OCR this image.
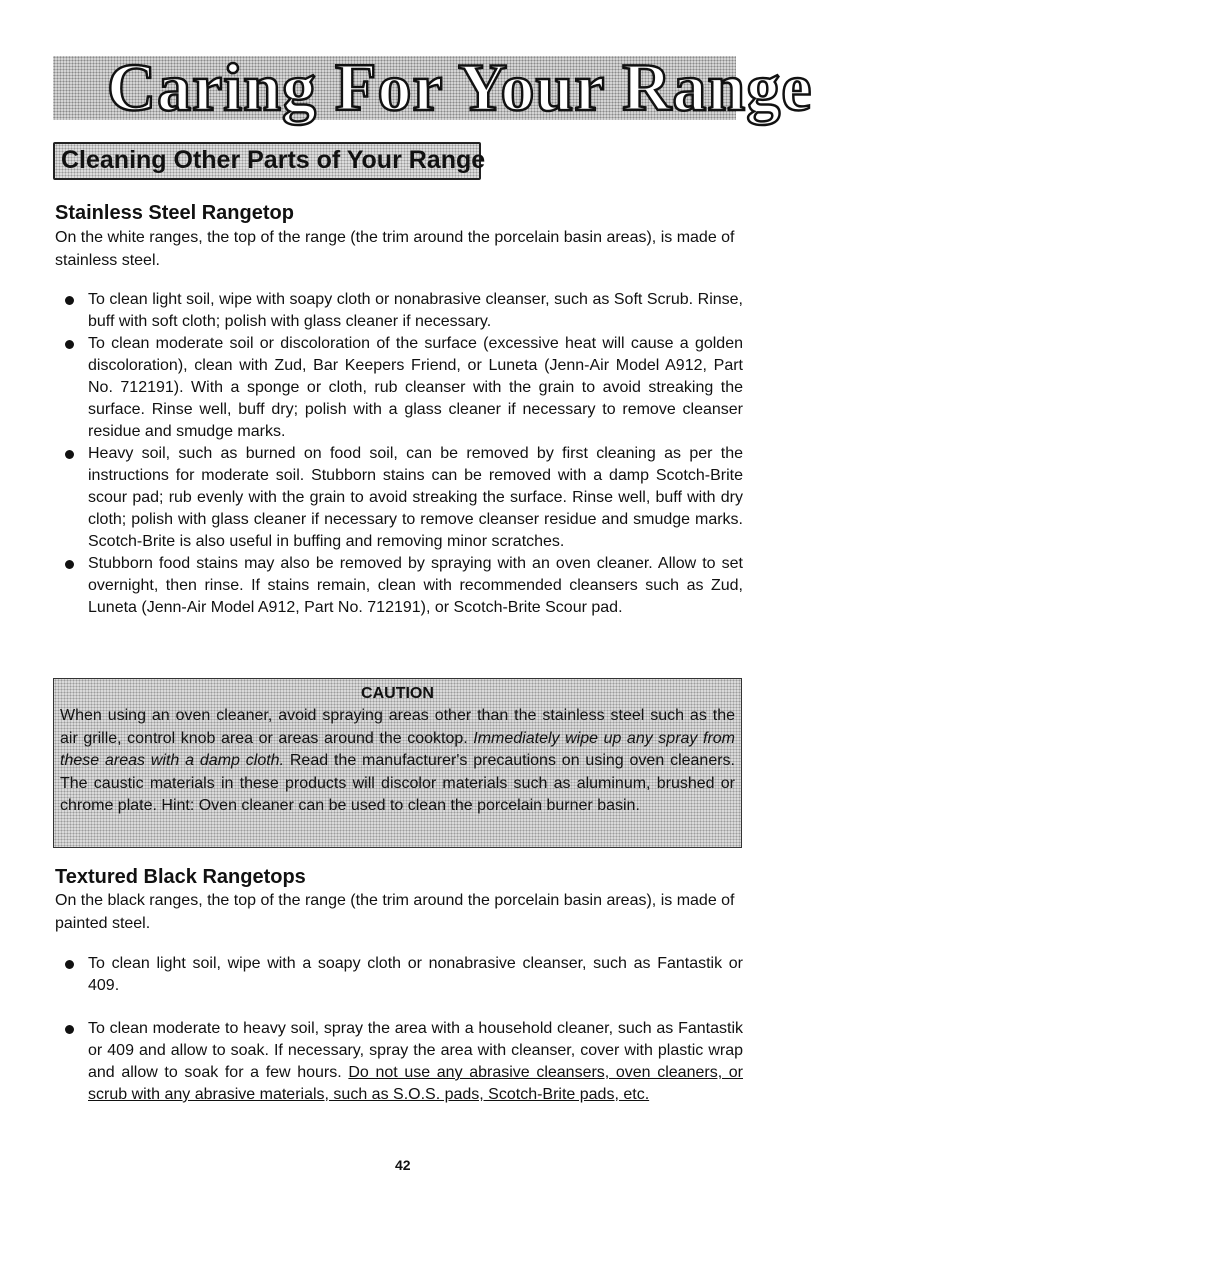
Caring For Your Range
Cleaning Other Parts of Your Range
Stainless Steel Rangetop

On the white ranges, the top of the range (the trim around the porcelain basin areas), is made of stainless steel.

To clean light soil, wipe with soapy cloth or nonabrasive cleanser, such as Soft Scrub. Rinse, buff with soft cloth; polish with glass cleaner if necessary.
To clean moderate soil or discoloration of the surface (excessive heat will cause a golden discoloration), clean with Zud, Bar Keepers Friend, or Luneta (Jenn-Air Model A912, Part No. 712191). With a sponge or cloth, rub cleanser with the grain to avoid streaking the surface. Rinse well, buff dry; polish with a glass cleaner if necessary to remove cleanser residue and smudge marks.
Heavy soil, such as burned on food soil, can be removed by first cleaning as per the instructions for moderate soil. Stubborn stains can be removed with a damp Scotch-Brite scour pad; rub evenly with the grain to avoid streaking the surface. Rinse well, buff with dry cloth; polish with glass cleaner if necessary to remove cleanser residue and smudge marks. Scotch-Brite is also useful in buffing and removing minor scratches.
Stubborn food stains may also be removed by spraying with an oven cleaner. Allow to set overnight, then rinse. If stains remain, clean with recommended cleansers such as Zud, Luneta (Jenn-Air Model A912, Part No. 712191), or Scotch-Brite Scour pad.

CAUTION

When using an oven cleaner, avoid spraying areas other than the stainless steel such as the air grille, control knob area or areas around the cooktop. Immediately wipe up any spray from these areas with a damp cloth. Read the manufacturer's precautions on using oven cleaners. The caustic materials in these products will discolor materials such as aluminum, brushed or chrome plate. Hint: Oven cleaner can be used to clean the porcelain burner basin.

Textured Black Rangetops

On the black ranges, the top of the range (the trim around the porcelain basin areas), is made of painted steel.

To clean light soil, wipe with a soapy cloth or nonabrasive cleanser, such as Fantastik or 409.
To clean moderate to heavy soil, spray the area with a household cleaner, such as Fantastik or 409 and allow to soak. If necessary, spray the area with cleanser, cover with plastic wrap and allow to soak for a few hours. Do not use any abrasive cleansers, oven cleaners, or scrub with any abrasive materials, such as S.O.S. pads, Scotch-Brite pads, etc.

42
